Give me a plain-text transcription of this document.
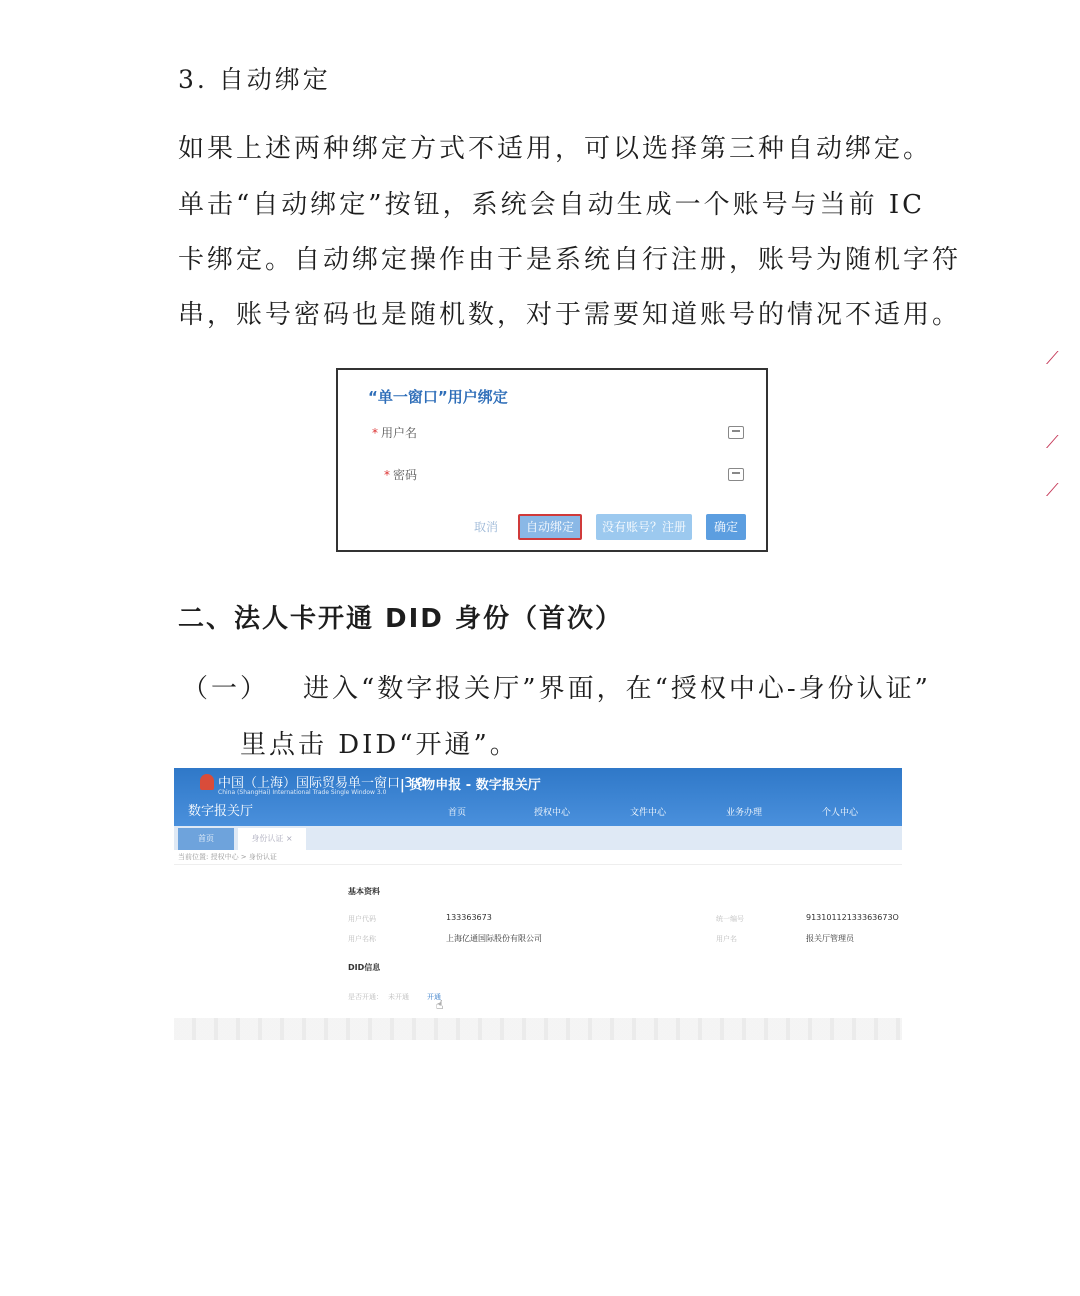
3. 自动绑定
如果上述两种绑定方式不适用，可以选择第三种自动绑定。
单击“自动绑定”按钮，系统会自动生成一个账号与当前 IC
卡绑定。自动绑定操作由于是系统自行注册，账号为随机字符
串，账号密码也是随机数，对于需要知道账号的情况不适用。
“单一窗口”用户绑定
* 用户名
* 密码
取消	自动绑定	没有账号？注册	确定
⟋
⟋
⟋
二、法人卡开通 DID 身份（首次）
（一） 进入“数字报关厅”界面，在“授权中心-身份认证”
里点击 DID“开通”。
中国（上海）国际贸易单一窗口 3.0
China (ShangHai) International Trade Single Window 3.0 | 货物申报 - 数字报关厅
数字报关厅	首页	授权中心	文件中心	业务办理	个人中心
首页	身份认证 ×
当前位置: 授权中心 > 身份认证
基本资料
用户代码	133363673	统一编号	91310112133363673O
用户名称	上海亿通国际股份有限公司	用户名	报关厅管理员
DID信息
是否开通： 未开通	开通
☝
